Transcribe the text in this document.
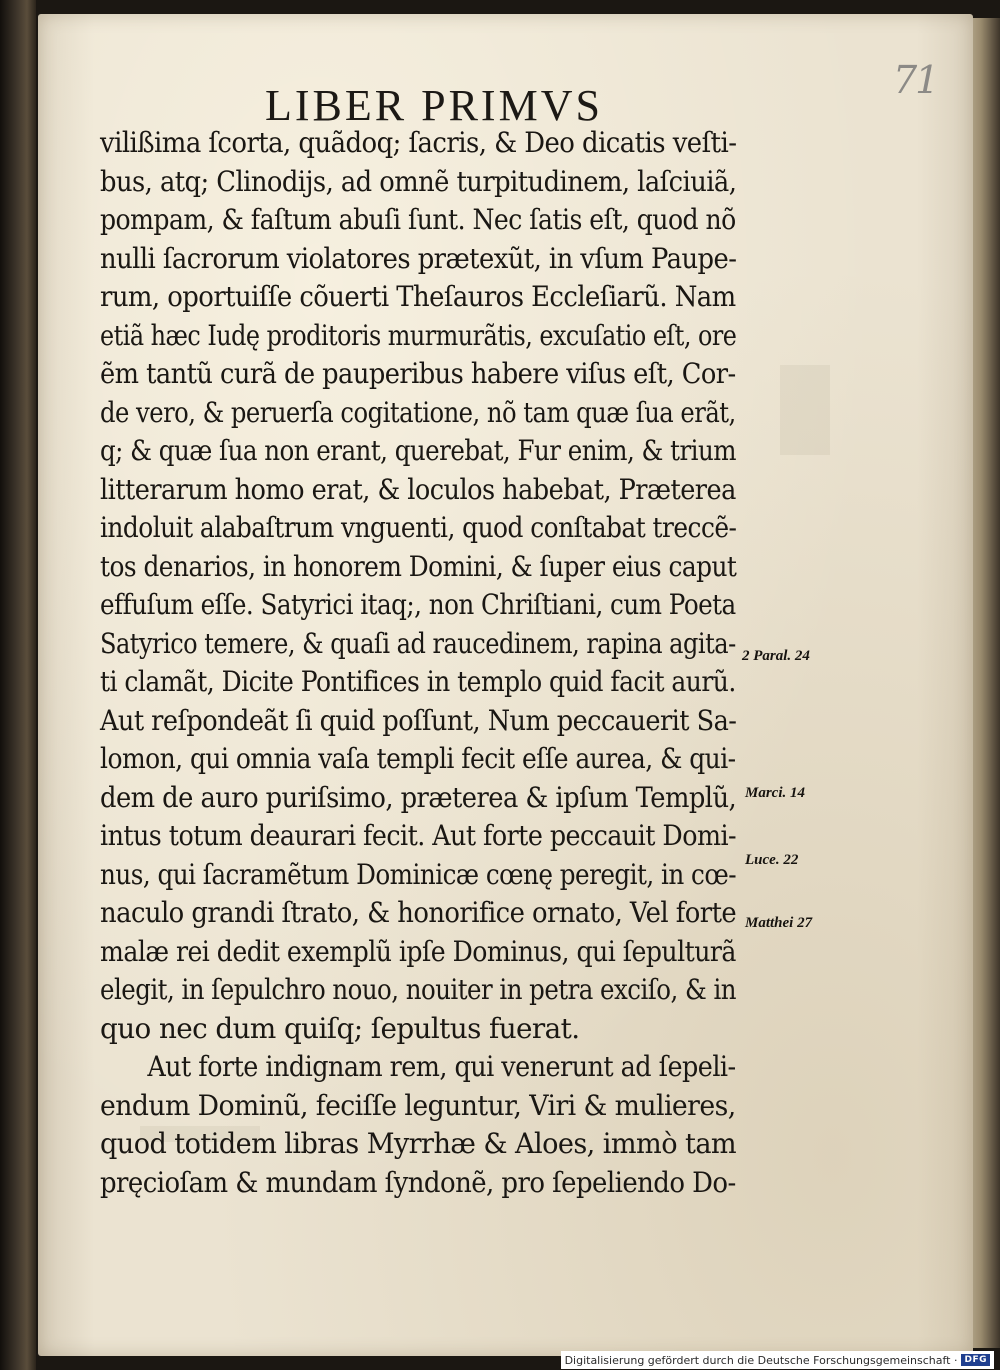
71
LIBER PRIMVS
vilißima ſcorta, quãdoq; ſacris, & Deo dicatis veſti-
bus, atq; Clinodijs, ad omnẽ turpitudinem, laſciuiã,
pompam, & faſtum abuſi ſunt. Nec ſatis eſt, quod nõ
nulli ſacrorum violatores prætexũt, in vſum Paupe-
rum, oportuiſſe cõuerti Theſauros Eccleſiarũ. Nam
etiã hæc Iudę proditoris murmurãtis, excuſatio eſt, ore
ẽm tantũ curã de pauperibus habere viſus eſt, Cor-
de vero, & peruerſa cogitatione, nõ tam quæ ſua erãt,
q; & quæ ſua non erant, querebat, Fur enim, & trium
litterarum homo erat, & loculos habebat, Præterea
indoluit alabaſtrum vnguenti, quod conſtabat treccẽ-
tos denarios, in honorem Domini, & ſuper eius caput
effuſum eſſe. Satyrici itaq;, non Chriſtiani, cum Poeta
Satyrico temere, & quaſi ad raucedinem, rapina agita-
ti clamãt, Dicite Pontifices in templo quid facit aurũ.
Aut reſpondeãt ſi quid poſſunt, Num peccauerit Sa-
lomon, qui omnia vaſa templi fecit eſſe aurea, & qui-
dem de auro puriſsimo, præterea & ipſum Templũ,
intus totum deaurari fecit. Aut forte peccauit Domi-
nus, qui ſacramẽtum Dominicæ cœnę peregit, in cœ-
naculo grandi ſtrato, & honorifice ornato, Vel forte
malæ rei dedit exemplũ ipſe Dominus, qui ſepulturã
elegit, in ſepulchro nouo, nouiter in petra exciſo, & in
quo nec dum quiſq; ſepultus fuerat.
Aut forte indignam rem, qui venerunt ad ſepeli-
endum Dominũ, feciſſe leguntur, Viri & mulieres,
quod totidem libras Myrrhæ & Aloes, immò tam
pręcioſam & mundam ſyndonẽ, pro ſepeliendo Do-
2 Paral. 24
Marci. 14
Luce. 22
Matthei 27
Digitalisierung gefördert durch die Deutsche Forschungsgemeinschaft · DFG
